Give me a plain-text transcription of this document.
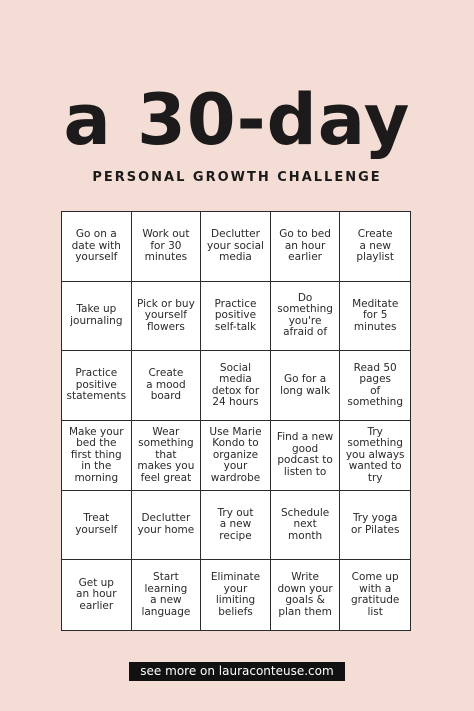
a 30-day
PERSONAL GROWTH CHALLENGE
Go on a
date with
yourself
Work out
for 30
minutes
Declutter
your social
media
Go to bed
an hour
earlier
Create
a new
playlist
Take up
journaling
Pick or buy
yourself
flowers
Practice
positive
self-talk
Do
something
you're
afraid of
Meditate
for 5
minutes
Practice
positive
statements
Create
a mood
board
Social
media
detox for
24 hours
Go for a
long walk
Read 50
pages
of
something
Make your
bed the
first thing
in the
morning
Wear
something
that
makes you
feel great
Use Marie
Kondo to
organize
your
wardrobe
Find a new
good
podcast to
listen to
Try
something
you always
wanted to
try
Treat
yourself
Declutter
your home
Try out
a new
recipe
Schedule
next
month
Try yoga
or Pilates
Get up
an hour
earlier
Start
learning
a new
language
Eliminate
your
limiting
beliefs
Write
down your
goals &
plan them
Come up
with a
gratitude
list
see more on lauraconteuse.com
